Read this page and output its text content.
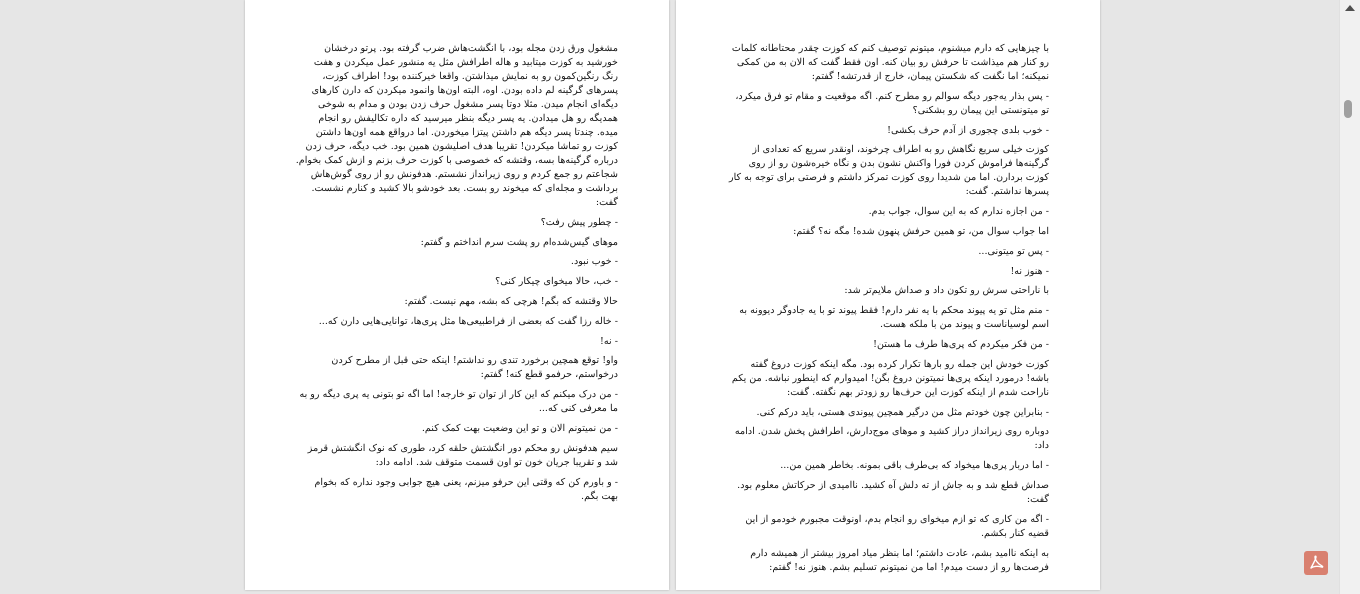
مشغول ورق زدن مجله بود، با انگشت‌هاش ضرب گرفته بود. پرتو درخشان خورشید به کوزت میتابید و هاله اطرافش مثل یه منشور عمل میکردن و هفت رنگ رنگین‌کمون رو به نمایش میذاشتن. واقعا خیرکننده بود! اطراف کوزت، پسرهای گرگینه لم داده بودن. اوه، البته اون‌ها وانمود میکردن که دارن کارهای دیگه‌ای انجام میدن. مثلا دوتا پسر مشغول حرف زدن بودن و مدام به شوخی همدیگه رو هل میدادن. یه پسر دیگه بنظر میرسید که داره تکالیفش رو انجام میده. چندتا پسر دیگه هم داشتن پیتزا میخوردن. اما درواقع همه اون‌ها داشتن کوزت رو تماشا میکردن! تقریبا هدف اصلیشون همین بود. خب دیگه، حرف زدن درباره گرگینه‌ها بسه، وقتشه که خصوصی با کوزت حرف بزنم و ازش کمک بخوام. شجاعتم رو جمع کردم و روی زیرانداز نشستم. هدفونش رو از روی گوش‌هاش برداشت و مجله‌ای که میخوند رو بست. بعد خودشو بالا کشید و کنارم نشست. گفت:

- چطور پیش رفت؟

موهای گیس‌شده‌ام رو پشت سرم انداختم و گفتم:

- خوب نبود.

- خب، حالا میخوای چیکار کنی؟

حالا وقتشه که بگم! هرچی که بشه، مهم نیست. گفتم:

- خاله رزا گفت که بعضی از فراطبیعی‌ها مثل پری‌ها، توانایی‌هایی دارن که...

- نه!

واو! توقع همچین برخورد تندی رو نداشتم! اینکه حتی قبل از مطرح کردن درخواستم، حرفمو قطع کنه! گفتم:

- من درک میکنم که این کار از توان تو خارجه! اما اگه تو بتونی یه پری دیگه رو به ما معرفی کنی که...

- من نمیتونم الان و تو این وضعیت بهت کمک کنم.

سیم هدفونش رو محکم دور انگشتش حلقه کرد، طوری که نوک انگشتش قرمز شد و تقریبا جریان خون تو اون قسمت متوقف شد. ادامه داد:

- و باورم کن که وقتی این حرفو میزنم، یعنی هیچ جوابی وجود نداره که بخوام بهت بگم.

با چیزهایی که دارم میشنوم، میتونم توصیف کنم که کوزت چقدر محتاطانه کلمات رو کنار هم میذاشت تا حرفش رو بیان کنه. اون فقط گفت که الان به من کمکی نمیکنه؛ اما نگفت که شکستن پیمان، خارج از قدرتشه! گفتم:

- پس بذار یه‌جور دیگه سوالم رو مطرح کنم. اگه موقعیت و مقام تو فرق میکرد، تو میتونستی این پیمان رو بشکنی؟

- خوب بلدی چجوری از آدم حرف بکشی!

کوزت خیلی سریع نگاهش رو به اطراف چرخوند، اونقدر سریع که تعدادی از گرگینه‌ها فراموش کردن فورا واکنش نشون بدن و نگاه خیره‌شون رو از روی کوزت بردارن. اما من شدیدا روی کوزت تمرکز داشتم و فرصتی برای توجه به کار پسرها نداشتم. گفت:

- من اجازه ندارم که به این سوال، جواب بدم.

اما جواب سوال من، تو همین حرفش پنهون شده! مگه نه؟ گفتم:

- پس تو میتونی...

- هنوز نه!

با ناراحتی سرش رو تکون داد و صداش ملایم‌تر شد:

- منم مثل تو یه پیوند محکم با یه نفر دارم! فقط پیوند تو با یه جادوگر دیوونه به اسم لوسیاناست و پیوند من با ملکه هست.

- من فکر میکردم که پری‌ها طرف ما هستن!

کوزت خودش این جمله رو بارها تکرار کرده بود. مگه اینکه کوزت دروغ گفته باشه! درمورد اینکه پری‌ها نمیتونن دروغ بگن! امیدوارم که اینطور نباشه. من یکم ناراحت شدم از اینکه کوزت این حرف‌ها رو زودتر بهم نگفته. گفت:

- بنابراین چون خودتم مثل من درگیر همچین پیوندی هستی، باید درکم کنی.

دوباره روی زیرانداز دراز کشید و موهای موج‌دارش، اطرافش پخش شدن. ادامه داد:

- اما دربار پری‌ها میخواد که بی‌طرف باقی بمونه. بخاطر همین من...

صداش قطع شد و به جاش از ته دلش آه کشید. ناامیدی از حرکاتش معلوم بود. گفت:

- اگه من کاری که تو ازم میخوای رو انجام بدم، اونوقت مجبورم خودمو از این قضیه کنار بکشم.

به اینکه ناامید بشم، عادت داشتم؛ اما بنظر میاد امروز بیشتر از همیشه دارم فرصت‌ها رو از دست میدم! اما من نمیتونم تسلیم بشم. هنوز نه! گفتم:
